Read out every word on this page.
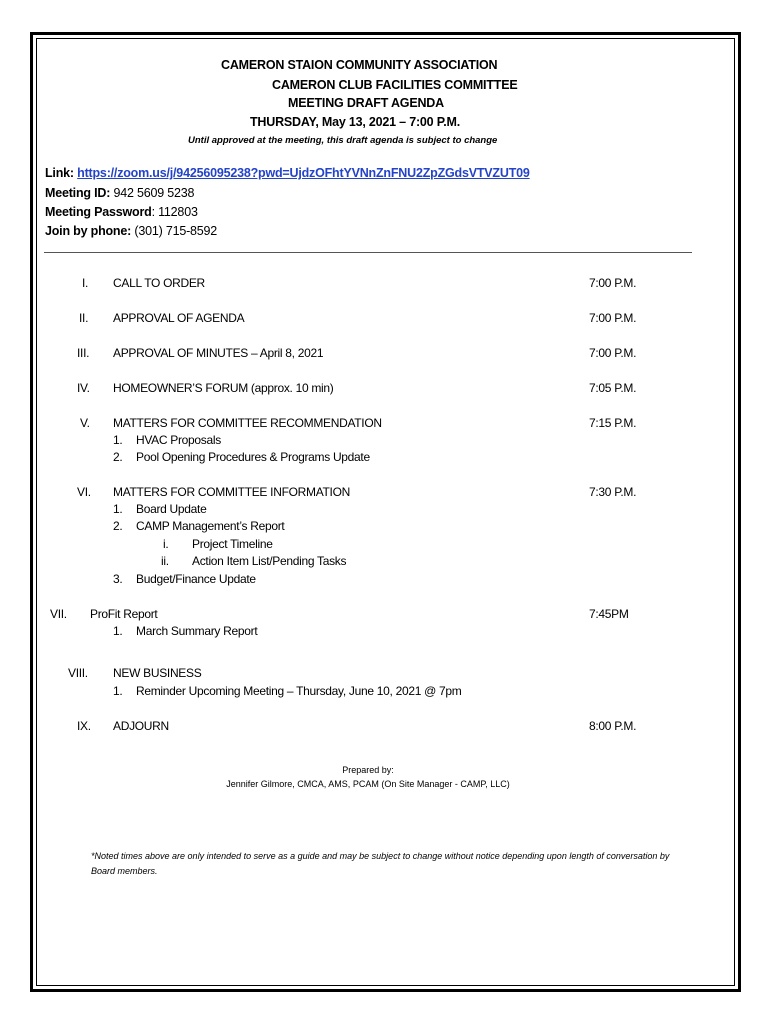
CAMERON STAION COMMUNITY ASSOCIATION
CAMERON CLUB FACILITIES COMMITTEE
MEETING DRAFT AGENDA
THURSDAY, May 13, 2021 – 7:00 P.M.
Until approved at the meeting, this draft agenda is subject to change
Link: https://zoom.us/j/94256095238?pwd=UjdzOFhtYVNnZnFNU2ZpZGdsVTVZUT09
Meeting ID: 942 5609 5238
Meeting Password: 112803
Join by phone: (301) 715-8592
I. CALL TO ORDER	7:00 P.M.
II. APPROVAL OF AGENDA	7:00 P.M.
III. APPROVAL OF MINUTES – April 8, 2021	7:00 P.M.
IV. HOMEOWNER’S FORUM (approx. 10 min)	7:05 P.M.
V. MATTERS FOR COMMITTEE RECOMMENDATION	7:15 P.M.
1. HVAC Proposals
2. Pool Opening Procedures & Programs Update
VI. MATTERS FOR COMMITTEE INFORMATION	7:30 P.M.
1. Board Update
2. CAMP Management’s Report
i. Project Timeline
ii. Action Item List/Pending Tasks
3. Budget/Finance Update
VII. ProFit Report	7:45PM
1. March Summary Report
VIII. NEW BUSINESS
1. Reminder Upcoming Meeting – Thursday, June 10, 2021 @ 7pm
IX. ADJOURN	8:00 P.M.
Prepared by:
Jennifer Gilmore, CMCA, AMS, PCAM (On Site Manager - CAMP, LLC)
*Noted times above are only intended to serve as a guide and may be subject to change without notice depending upon length of conversation by Board members.
